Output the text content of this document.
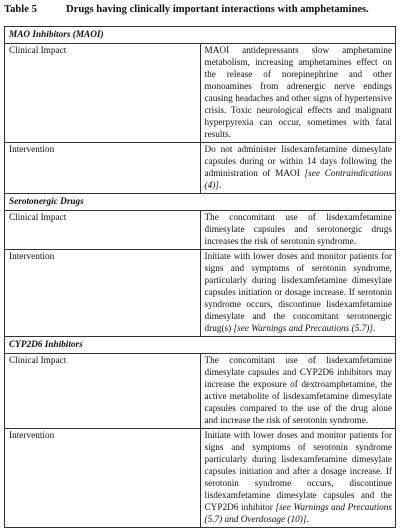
Table 5	Drugs having clinically important interactions with amphetamines.
MAO Inhibitors (MAOI)	
Clinical Impact	MAOI antidepressants slow amphetamine metabolism, increasing amphetamines effect on the release of norepinephrine and other monoamines from adrenergic nerve endings causing headaches and other signs of hypertensive crisis. Toxic neurological effects and malignant hyperpyrexia can occur, sometimes with fatal results.
Intervention	Do not administer lisdexamfetamine dimesylate capsules during or within 14 days following the administration of MAOI [see Contraindications (4)].
Serotonergic Drugs	
Clinical Impact	The concomitant use of lisdexamfetamine dimesylate capsules and serotonergic drugs increases the risk of serotonin syndrome.
Intervention	Initiate with lower doses and monitor patients for signs and symptoms of serotonin syndrome, particularly during lisdexamfetamine dimesylate capsules initiation or dosage increase. If serotonin syndrome occurs, discontinue lisdexamfetamine dimesylate and the concomitant serotonergic drug(s) [see Warnings and Precautions (5.7)].
CYP2D6 Inhibitors	
Clinical Impact	The concomitant use of lisdexamfetamine dimesylate capsules and CYP2D6 inhibitors may increase the exposure of dextroamphetamine, the active metabolite of lisdexamfetamine dimesylate capsules compared to the use of the drug alone and increase the risk of serotonin syndrome.
Intervention	Initiate with lower doses and monitor patients for signs and symptoms of serotonin syndrome particularly during lisdexamfetamine dimesylate capsules initiation and after a dosage increase. If serotonin syndrome occurs, discontinue lisdexamfetamine dimesylate capsules and the CYP2D6 inhibitor [see Warnings and Precautions (5.7) and Overdosage (10)].
